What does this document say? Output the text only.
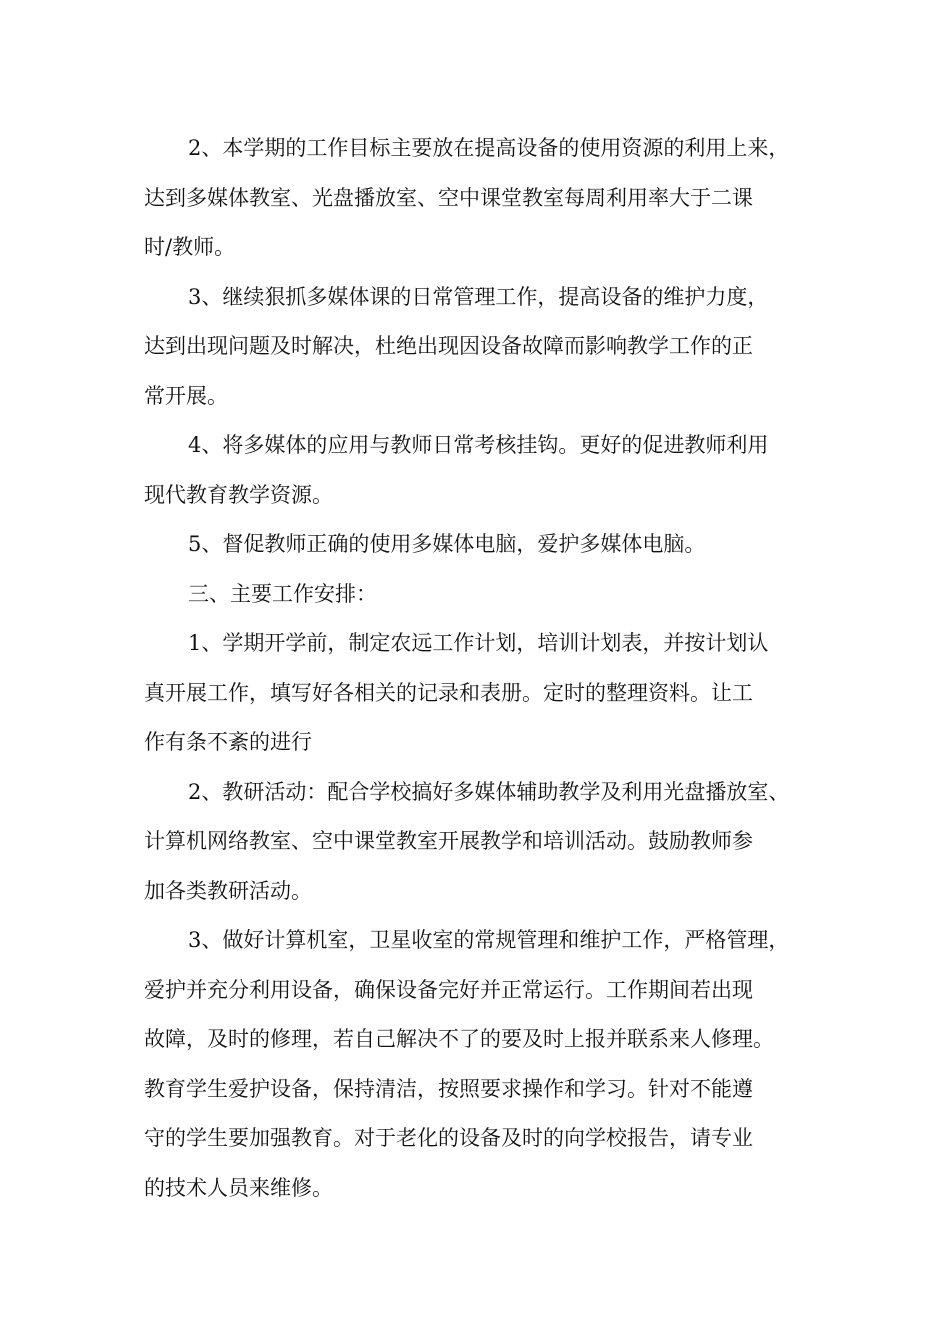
2、本学期的工作目标主要放在提高设备的使用资源的利用上来，
达到多媒体教室、光盘播放室、空中课堂教室每周利用率大于二课
时/教师。
3、继续狠抓多媒体课的日常管理工作，提高设备的维护力度，
达到出现问题及时解决，杜绝出现因设备故障而影响教学工作的正
常开展。
4、将多媒体的应用与教师日常考核挂钩。更好的促进教师利用
现代教育教学资源。
5、督促教师正确的使用多媒体电脑，爱护多媒体电脑。
三、主要工作安排：
1、学期开学前，制定农远工作计划，培训计划表，并按计划认
真开展工作，填写好各相关的记录和表册。定时的整理资料。让工
作有条不紊的进行
2、教研活动：配合学校搞好多媒体辅助教学及利用光盘播放室、
计算机网络教室、空中课堂教室开展教学和培训活动。鼓励教师参
加各类教研活动。
3、做好计算机室，卫星收室的常规管理和维护工作，严格管理，
爱护并充分利用设备，确保设备完好并正常运行。工作期间若出现
故障，及时的修理，若自己解决不了的要及时上报并联系来人修理。
教育学生爱护设备，保持清洁，按照要求操作和学习。针对不能遵
守的学生要加强教育。对于老化的设备及时的向学校报告，请专业
的技术人员来维修。
